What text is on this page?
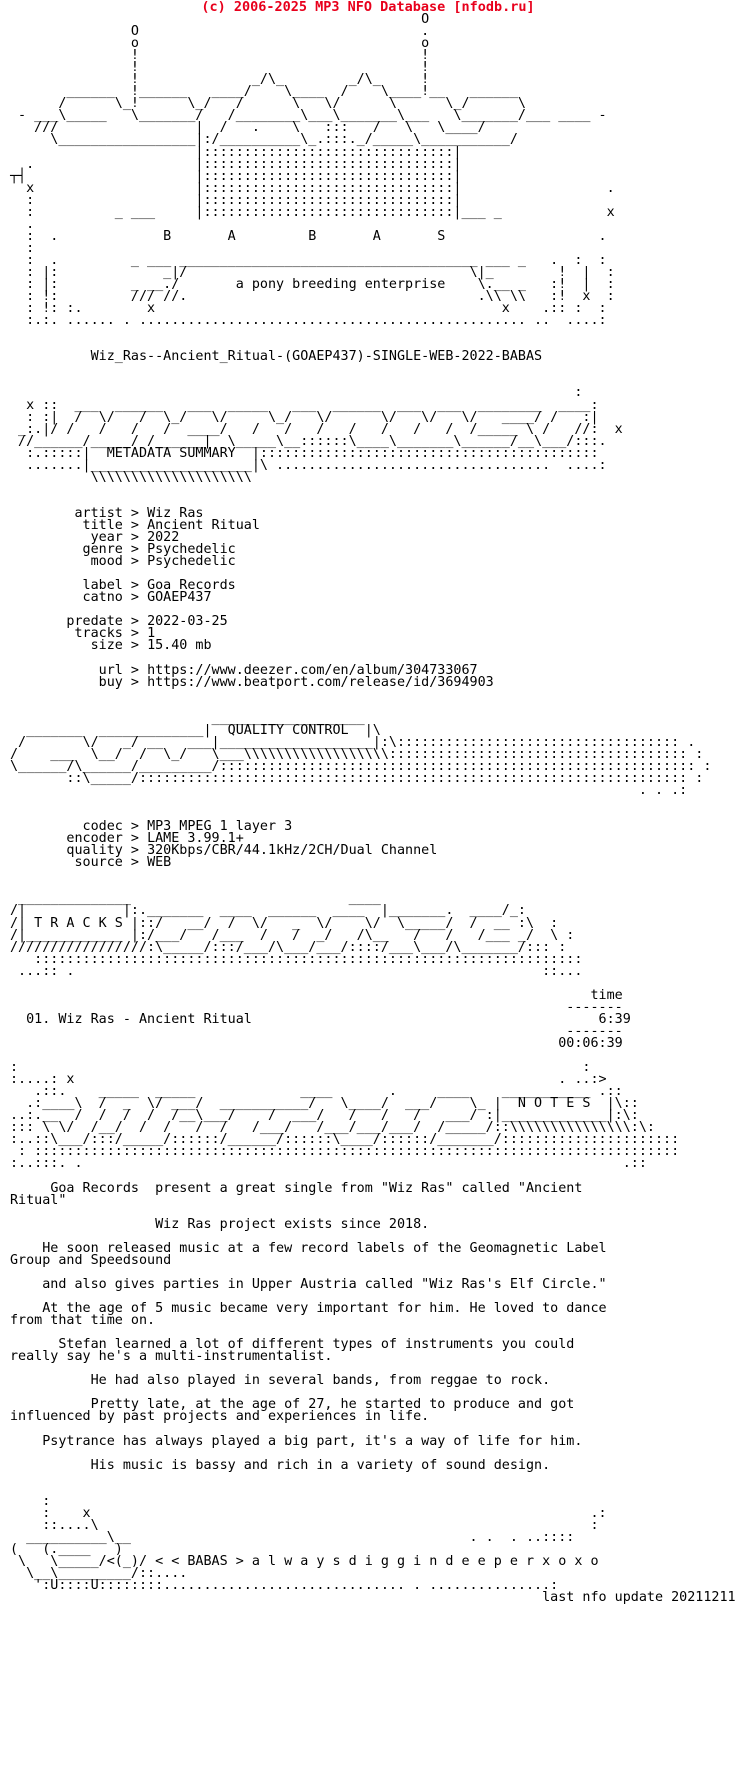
(c) 2006-2025 MP3 NFO Database [nfodb.ru]
O
O                                   .
o                                   o
!                                   !
!                                   !
!              _/\_        _/\_     !
______  !______   ____/    \____  /    \____!__   ______
/      \_!      \_/   /      \   \/      \      \_/      \
- ___\_____   \_______/   /________\___\_______\___   \_______/___ ____ -
///                 |  /   .    \   :::   /   \   \____/
\_________________|:/__________\_.:::._/_____\___________/
|:::::::::::::::::::::::::::::::|
.                    |:::::::::::::::::::::::::::::::|
┬┤                     |:::::::::::::::::::::::::::::::|
x                    |:::::::::::::::::::::::::::::::|                  .
:                    |:::::::::::::::::::::::::::::::|
:          _ ___     |:::::::::::::::::::::::::::::::|___ _             x
.
:  .             B       A         B       A       S                   .
:
:  .         _ ___ _____________________________________ ___ _   .  :  :
: |:             _|/                                   \|_        !  |  :
: |:         _ __./       a pony breeding enterprise    \.__ _   :!  |  :
: !:         /// //.                                    .\\ \\   :!  x  :
: !: :.        x                                           x    .:: :  :
:.:. ...... . ................................................ ..  ....:

Wiz_Ras--Ancient_Ritual-(GOAEP437)-SINGLE-WEB-2022-BABAS

:
x ::  ___  ______   ___  _____   ___  ______  ___  ___  ________  ____:
: :|  /  \/   /  \_/   \/     \_/   \/      \/   \/   \/   ____/ /   :|
_:.|/ /   /   /   /  ____/   /   /   /   /   /   /   /  /_____ \ /   //:  x
//______/_____/ /______|  \_____\__::::::\____\_______\______/__\___/:::.
:.:::::|  METADATA SUMMARY  |::::::::::::::::::::::::::::::::::::::::::
.......|____________________|\ ..................................  ....:
\\\\\\\\\\\\\\\\\\\\

artist > Wiz Ras
title > Ancient Ritual
year > 2022
genre > Psychedelic
mood > Psychedelic

label > Goa Records
catno > GOAEP437

predate > 2022-03-25
tracks > 1
size > 15.40 mb

url > https://www.deezer.com/en/album/304733067
buy > https://www.beatport.com/release/id/3694903

___________________
_______  _____________|  QUALITY CONTROL  |\
/       \/   _/ __   ___|___________________|:\::::::::::::::::::::::::::::::::::: .
/    ___  \__/  /  \_/   \___\\\\\\\\\\\\\\\\\\::::::::::::::::::::::::::::::::::::: :
\______/\______/_________/::::::::::::::::::::::::::::::::::::::::::::::::::::::::::: :
::\_____/:::::::::::::::::::::::::::::::::::::::::::::::::::::::::::::::::::: :
. . .:

codec > MP3 MPEG 1 layer 3
encoder > LAME 3.99.1+
quality > 320Kbps/CBR/44.1kHz/2CH/Dual Channel
source > WEB

______________                           ____
/|            |:._______  ____  ______  ____  |_______.  ____/_:
/| T R A C K S |::/   __/  /  \/   _  \/    \/  \_____/  /  __ :\  :
/|____________ |:/___/   /___  /   /  _/   /\__   /   /   /___ _/  \ :
/////////////////:\_____/:::/___/\___/___/::::/___\___/\_______/::: :
::::::::::::::::::::::::::::::::::::::::::::::::::::::::::::::::::::
...:: .                                                          ::...

time
-------
01. Wiz Ras - Ancient Ritual	6:39
-------
00:06:39

:                                                                      :
:....: x                                                            . ..:>
.::.    _____  _____             ____       .     ____    ___________ .::
.:____\  /  _  \/ ___/  ___________/   \____/  ___/    \_ |  N O T E S  |\::
..:.__  /  /  /  /  /__\___/    /  ___/   /   /   /   ___/ :|_____________|:\:
::: \ \/  /__/  /  /   /  /   /___/   /___/___/___/  /_____/::\\\\\\\\\\\\\\\:\:
:..::\___/:::/_____/::::::/______/::::::\____/::::::/_______/::::::::::::::::::::::
: ::::::::::::::::::::::::::::::::::::::::::::::::::::::::::::::::::::::::::::::::
:..:::. .                                                                   .::

Goa Records  present a great single from "Wiz Ras" called "Ancient
Ritual"

Wiz Ras project exists since 2018.

He soon released music at a few record labels of the Geomagnetic Label
Group and Speedsound

and also gives parties in Upper Austria called "Wiz Ras's Elf Circle."

At the age of 5 music became very important for him. He loved to dance
from that time on.

Stefan learned a lot of different types of instruments you could
really say he's a multi-instrumentalist.

He had also played in several bands, from reggae to rock.

Pretty late, at the age of 27, he started to produce and got
influenced by past projects and experiences in life.

Psytrance has always played a big part, it's a way of life for him.

His music is bassy and rich in a variety of sound design.

:
:    x                                                              .:
::....\                                                             :
__________\__                                          . .  . ..::::
(   (.____   )
\   \_____/<(_)/ < < BABAS > a l w a y s d i g g i n d e e p e r x o x o
\__\_________/::....
':U::::U::::::::.............................. . ...............:
last nfo update 20211211
